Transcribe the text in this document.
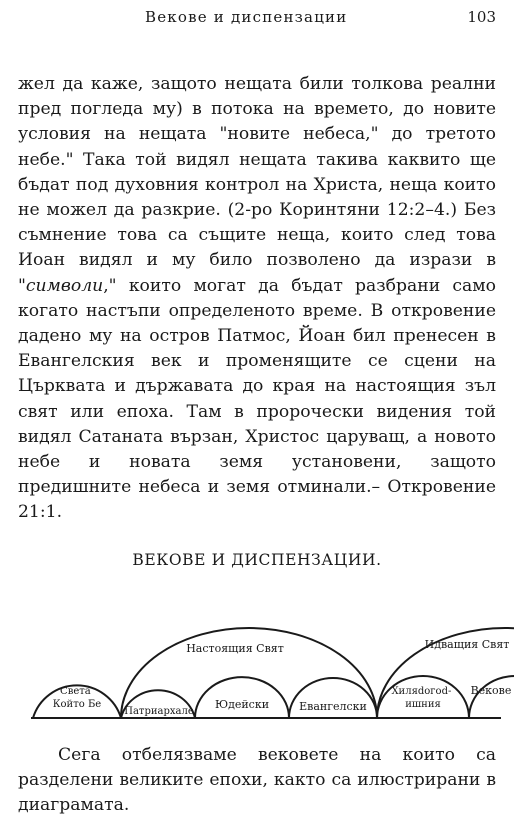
Векове и диспензации	103

жел да каже, защото нещата били толкова реални пред погледа му) в потока на времето, до новите условия на нещата "новите небеса," до третото небе." Така той видял нещата такива каквито ще бъдат под духовния контрол на Христа, неща които не можел да разкрие. (2-ро Коринтяни 12:2–4.) Без съмнение това са същите неща, които след това Иоан видял и му било позволено да изрази в "символи," които могат да бъдат разбрани само когато настъпи определеното време. В откровение дадено му на остров Патмос, Йоан бил пренесен в Евангелския век и променящите се сцени на Църквата и държавата до края на настоящия зъл свят или епоха. Там в пророчески видения той видял Сатаната вързан, Христос царуващ, а новото небе и новата земя установени, защото предишните небеса и земя отминали.– Откровение 21:1.

ВЕКОВЕ И ДИСПЕНЗАЦИИ.
Света Който Бе
Настоящия Свят	Идващия Свят
Патриархалe
Юдейски	Евангелски
Хиляdогоd- ишния
Векове

Сега отбелязваме вековете на които са разделени великите епохи, както са илюстрирани в диаграмата.
